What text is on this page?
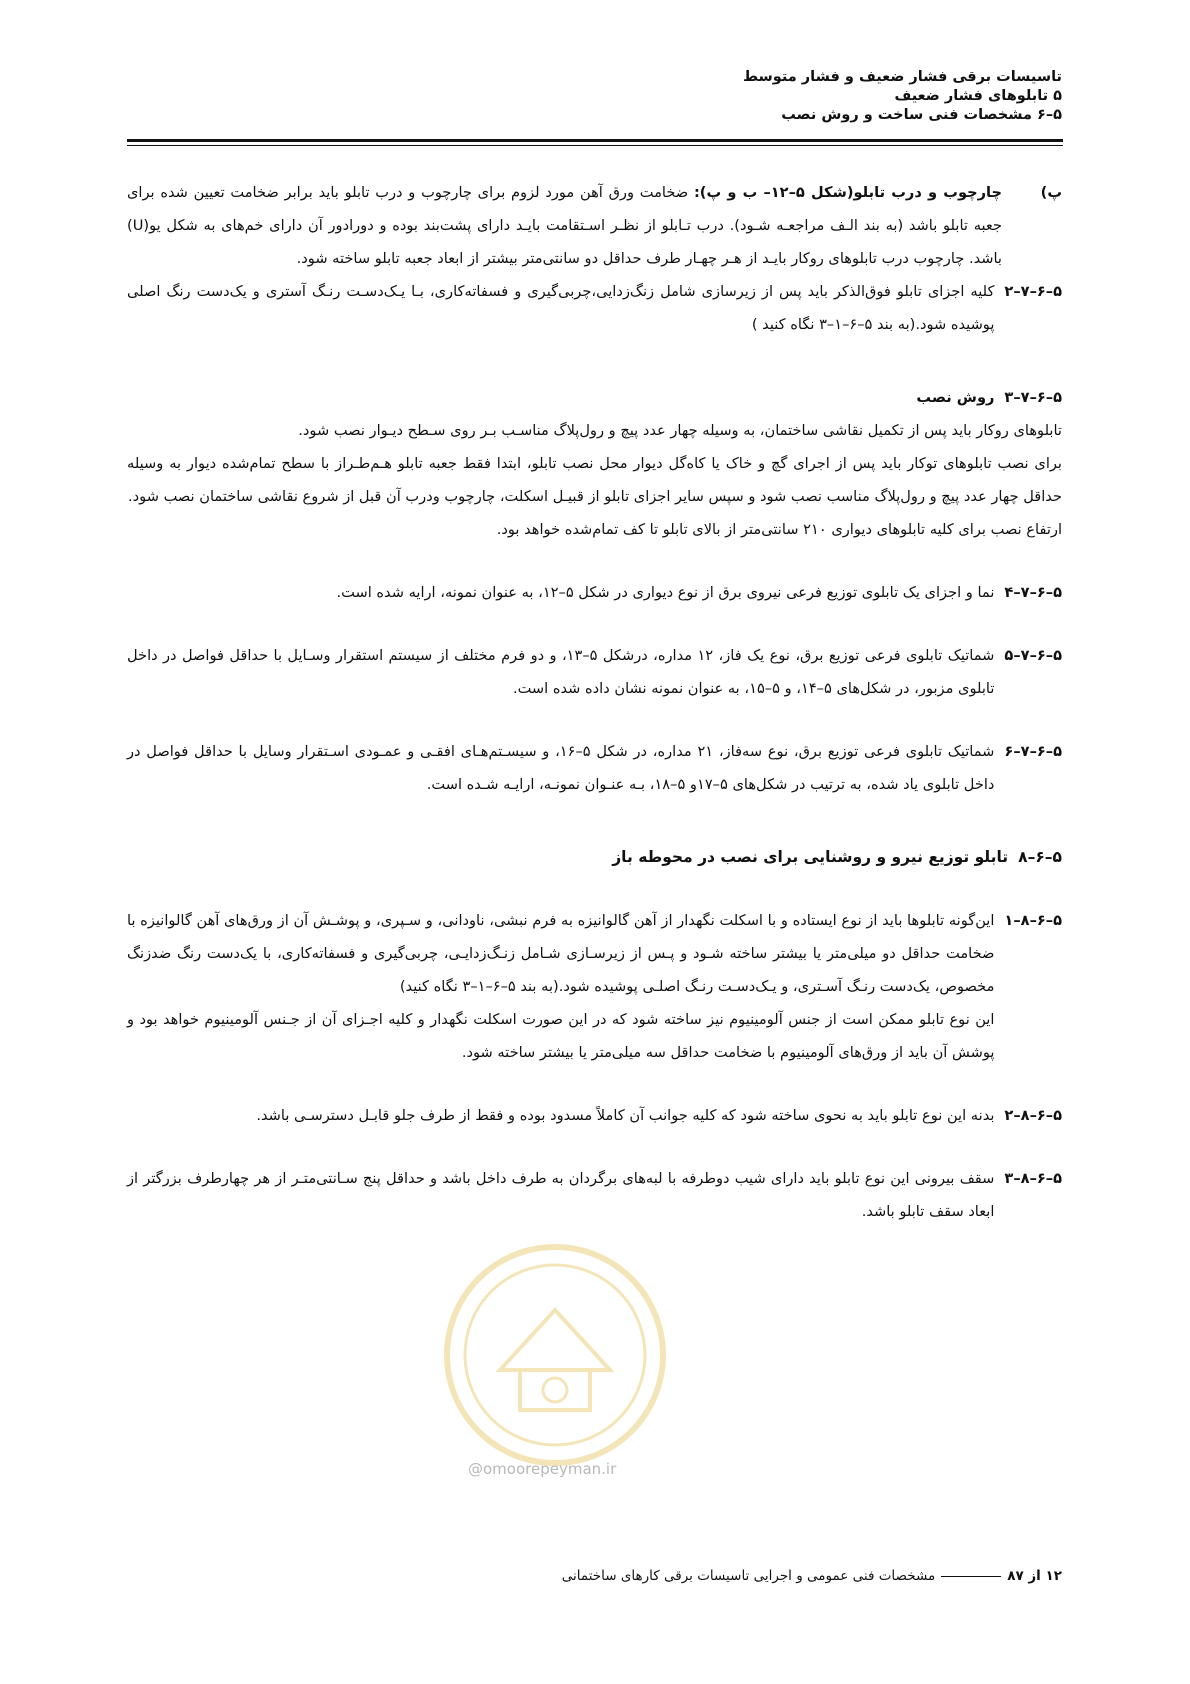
تاسیسات برقی فشار ضعیف و فشار متوسط
۵ تابلوهای فشار ضعیف
۵–۶ مشخصات فنی ساخت و روش نصب
پ)
چارچوب و درب تابلو(شکل ۵–۱۲– ب و پ): ضخامت ورق آهن مورد لزوم برای چارچوب و درب تابلو باید برابر ضخامت تعیین شده برای جعبه تابلو باشد (به بند الـف مراجعـه شـود). درب تـابلو از نظـر اسـتقامت بایـد دارای پشت‌بند بوده و دورادور آن دارای خم‌های به شکل یو(U) باشد. چارچوب درب تابلوهای روکار بایـد از هـر چهـار طرف حداقل دو سانتی‌متر بیشتر از ابعاد جعبه تابلو ساخته شود.
۵–۶–۷–۲
کلیه اجزای تابلو فوق‌الذکر باید پس از زیرسازی شامل زنگ‌زدایی،چربی‌گیری و فسفاته‌کاری، بـا یـک‌دسـت رنـگ آستری و یک‌دست رنگ اصلی پوشیده شود.(به بند ۵–۶–۱–۳ نگاه کنید )
۵–۶–۷–۳
روش نصب
تابلوهای روکار باید پس از تکمیل نقاشی ساختمان، به وسیله چهار عدد پیچ و رول‌پلاگ مناسـب بـر روی سـطح دیـوار نصب شود.
برای نصب تابلوهای توکار باید پس از اجرای گچ و خاک یا کاه‌گل دیوار محل نصب تابلو، ابتدا فقط جعبه تابلو هـم‌طـراز با سطح تمام‌شده دیوار به وسیله حداقل چهار عدد پیچ و رول‌پلاگ مناسب نصب شود و سپس سایر اجزای تابلو از قبیـل اسکلت، چارچوب ودرب آن قبل از شروع نقاشی ساختمان نصب شود.
ارتفاع نصب برای کلیه تابلوهای دیواری ۲۱۰ سانتی‌متر از بالای تابلو تا کف تمام‌شده خواهد بود.
۵–۶–۷–۴
نما و اجزای یک تابلوی توزیع فرعی نیروی برق از نوع دیواری در شکل ۵–۱۲، به عنوان نمونه، ارایه شده است.
۵–۶–۷–۵
شماتیک تابلوی فرعی توزیع برق، نوع یک فاز، ۱۲ مداره، درشکل ۵–۱۳، و دو فرم مختلف از سیستم استقرار وسـایل با حداقل فواصل در داخل تابلوی مزبور، در شکل‌های ۵–۱۴، و ۵–۱۵، به عنوان نمونه نشان داده شده است.
۵–۶–۷–۶
شماتیک تابلوی فرعی توزیع برق، نوع سه‌فاز، ۲۱ مداره، در شکل ۵–۱۶، و سیسـتم‌هـای افقـی و عمـودی اسـتقرار وسایل با حداقل فواصل در داخل تابلوی یاد شده، به ترتیب در شکل‌های ۵–۱۷و ۵–۱۸، بـه عنـوان نمونـه، ارایـه شـده است.
۵–۶–۸
تابلو توزیع نیرو و روشنایی برای نصب در محوطه باز
۵–۶–۸–۱
این‌گونه تابلوها باید از نوع ایستاده و با اسکلت نگهدار از آهن گالوانیزه به فرم نبشی، ناودانی، و سـپری، و پوشـش آن از ورق‌های آهن گالوانیزه با ضخامت حداقل دو میلی‌متر یا بیشتر ساخته شـود و پـس از زیرسـازی شـامل زنـگ‌زدایـی، چربی‌گیری و فسفاته‌کاری، با یک‌دست رنگ ضدزنگ مخصوص، یک‌دست رنـگ آسـتری، و یـک‌دسـت رنـگ اصلـی پوشیده شود.(به بند ۵–۶–۱–۳ نگاه کنید)
این نوع تابلو ممکن است از جنس آلومینیوم نیز ساخته شود که در این صورت اسکلت نگهدار و کلیه اجـزای آن از جـنس آلومینیوم خواهد بود و پوشش آن باید از ورق‌های آلومینیوم با ضخامت حداقل سه میلی‌متر یا بیشتر ساخته شود.
۵–۶–۸–۲
بدنه این نوع تابلو باید به نحوی ساخته شود که کلیه جوانب آن کاملاً مسدود بوده و فقط از طرف جلو قابـل دسترسـی باشد.
۵–۶–۸–۳
سقف بیرونی این نوع تابلو باید دارای شیب دوطرفه با لبه‌های برگردان به طرف داخل باشد و حداقل پنج سـانتی‌متـر از هر چهارطرف بزرگتر از ابعاد سقف تابلو باشد.
@omoorepeyman.ir
۱۲ از ۸۷
مشخصات فنی عمومی و اجرایی تاسیسات برقی کارهای ساختمانی
